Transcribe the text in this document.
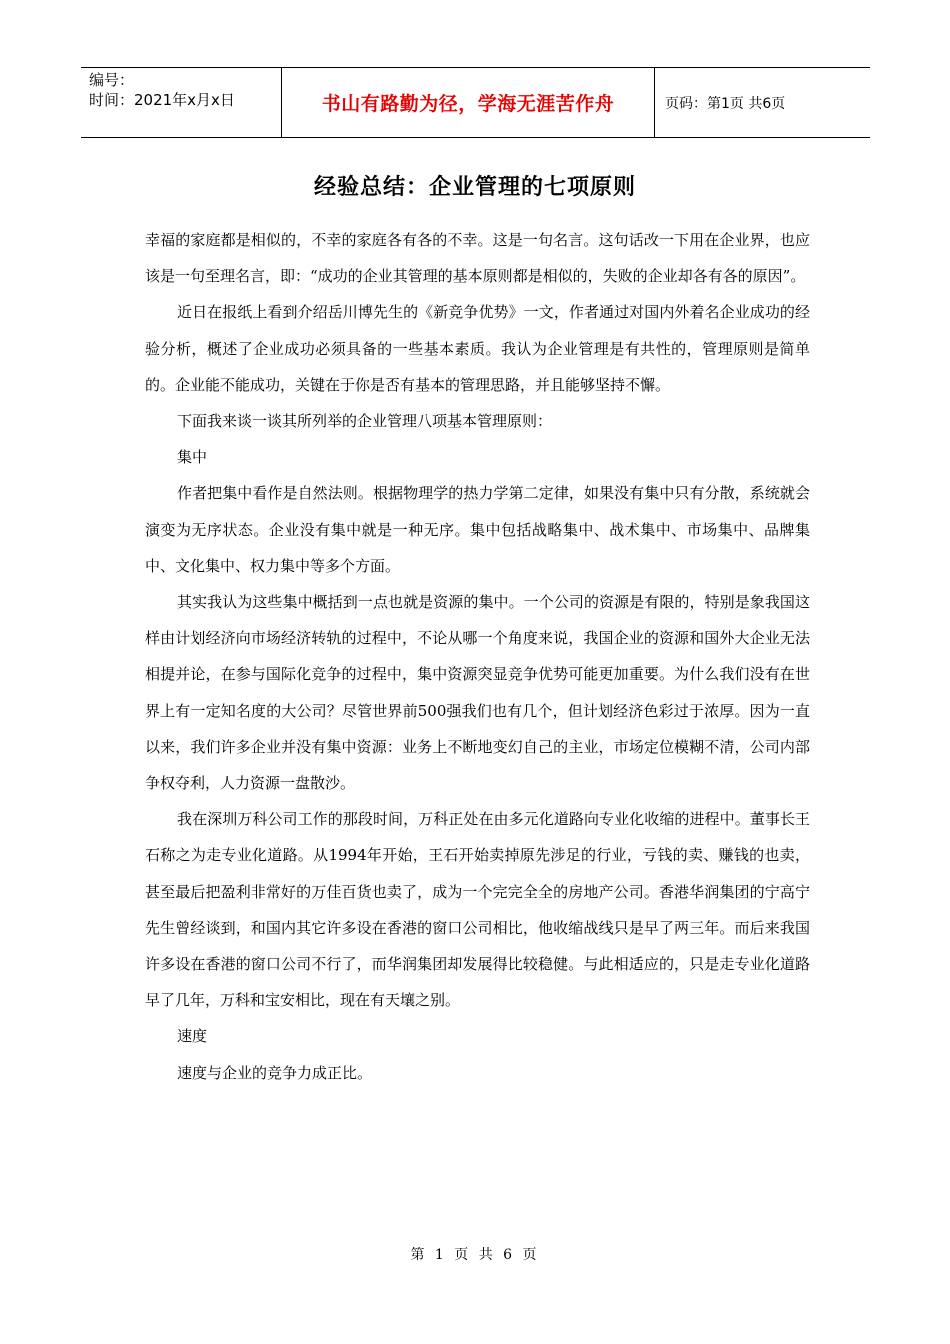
编号：
时间：2021年x月x日	书山有路勤为径，学海无涯苦作舟	页码：第1页 共6页
经验总结：企业管理的七项原则

幸福的家庭都是相似的，不幸的家庭各有各的不幸。这是一句名言。这句话改一下用在企业界，也应该是一句至理名言，即：“成功的企业其管理的基本原则都是相似的，失败的企业却各有各的原因”。

近日在报纸上看到介绍岳川博先生的《新竞争优势》一文，作者通过对国内外着名企业成功的经验分析，概述了企业成功必须具备的一些基本素质。我认为企业管理是有共性的，管理原则是简单的。企业能不能成功，关键在于你是否有基本的管理思路，并且能够坚持不懈。

下面我来谈一谈其所列举的企业管理八项基本管理原则：

集中

作者把集中看作是自然法则。根据物理学的热力学第二定律，如果没有集中只有分散，系统就会演变为无序状态。企业没有集中就是一种无序。集中包括战略集中、战术集中、市场集中、品牌集中、文化集中、权力集中等多个方面。

其实我认为这些集中概括到一点也就是资源的集中。一个公司的资源是有限的，特别是象我国这样由计划经济向市场经济转轨的过程中，不论从哪一个角度来说，我国企业的资源和国外大企业无法相提并论，在参与国际化竞争的过程中，集中资源突显竞争优势可能更加重要。为什么我们没有在世界上有一定知名度的大公司？尽管世界前500强我们也有几个，但计划经济色彩过于浓厚。因为一直以来，我们许多企业并没有集中资源：业务上不断地变幻自己的主业，市场定位模糊不清，公司内部争权夺利，人力资源一盘散沙。

我在深圳万科公司工作的那段时间，万科正处在由多元化道路向专业化收缩的进程中。董事长王石称之为走专业化道路。从1994年开始，王石开始卖掉原先涉足的行业，亏钱的卖、赚钱的也卖，甚至最后把盈利非常好的万佳百货也卖了，成为一个完完全全的房地产公司。香港华润集团的宁高宁先生曾经谈到，和国内其它许多设在香港的窗口公司相比，他收缩战线只是早了两三年。而后来我国许多设在香港的窗口公司不行了，而华润集团却发展得比较稳健。与此相适应的，只是走专业化道路早了几年，万科和宝安相比，现在有天壤之别。

速度

速度与企业的竞争力成正比。

第 1 页 共 6 页
